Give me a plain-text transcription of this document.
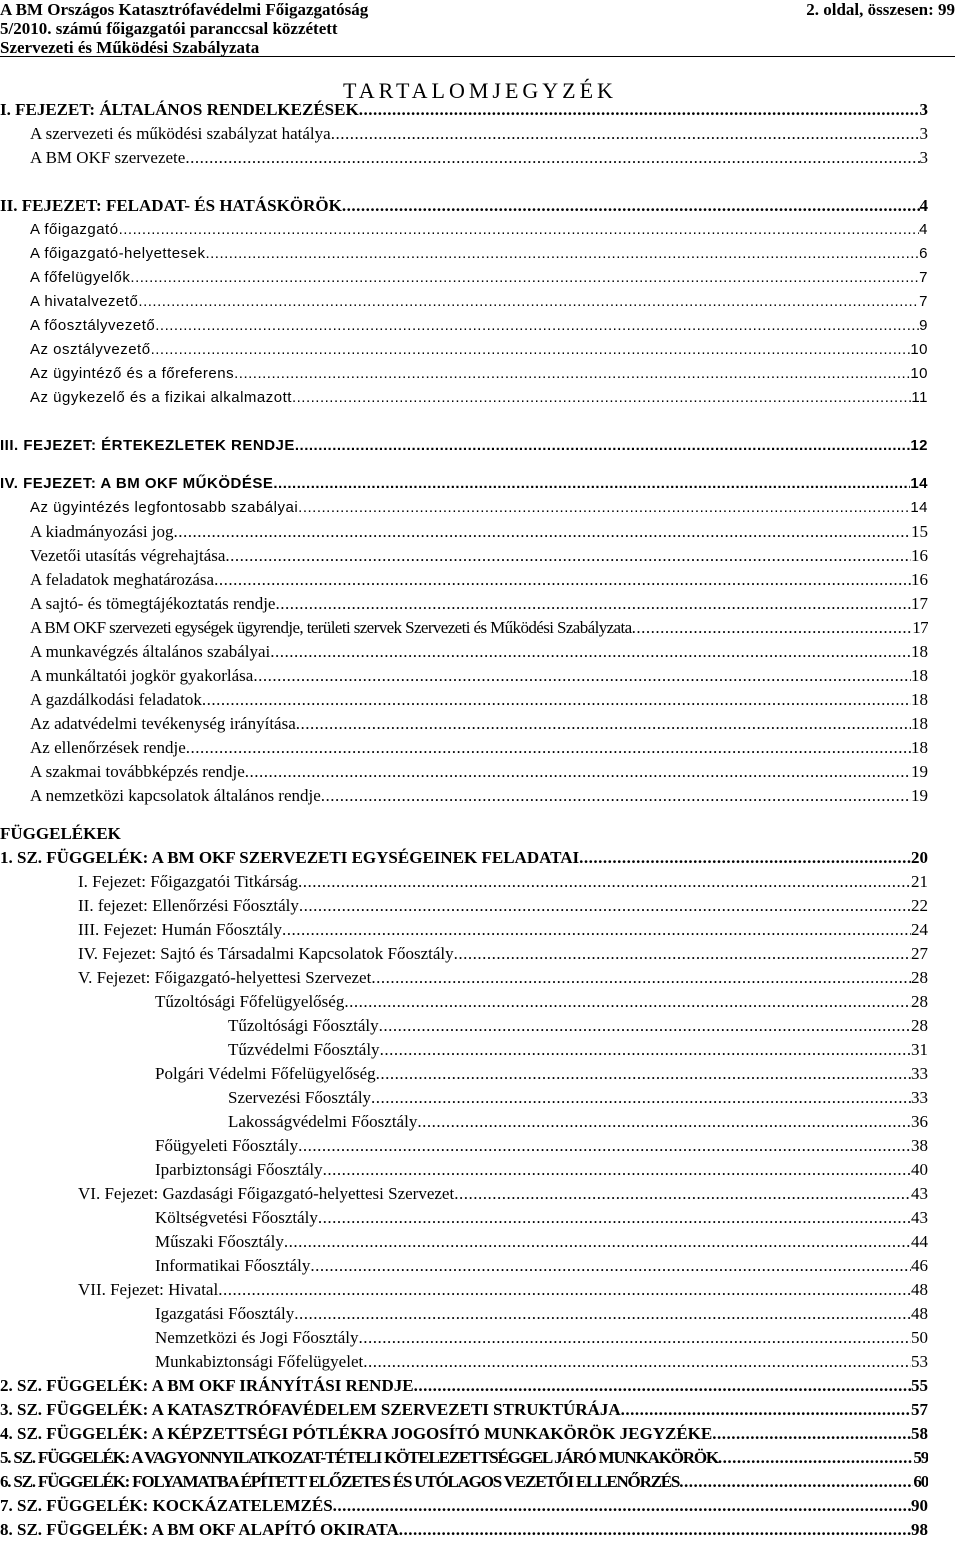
A BM Országos Katasztrófavédelmi Főigazgatóság
5/2010. számú főigazgatói paranccsal közzétett
Szervezeti és Működési Szabályzata
2. oldal, összesen: 99
TARTALOMJEGYZÉK
I. FEJEZET: ÁLTALÁNOS RENDELKEZÉSEK .....	3
A szervezeti és működési szabályzat hatálya .....	3
A BM OKF szervezete .....	3
II. FEJEZET: FELADAT- ÉS HATÁSKÖRÖK .....	4
A főigazgató .....	4
A főigazgató-helyettesek .....	6
A főfelügyelők .....	7
A hivatalvezető .....	7
A főosztályvezető .....	9
Az osztályvezető .....	10
Az ügyintéző és a főreferens .....	10
Az ügykezelő és a fizikai alkalmazott .....	11
III. FEJEZET: ÉRTEKEZLETEK RENDJE .....	12
IV. FEJEZET: A BM OKF MŰKÖDÉSE .....	14
Az ügyintézés legfontosabb szabályai .....	14
A kiadmányozási jog .....	15
Vezetői utasítás végrehajtása .....	16
A feladatok meghatározása .....	16
A sajtó- és tömegtájékoztatás rendje .....	17
A BM OKF szervezeti egységek ügyrendje, területi szervek Szervezeti és Működési Szabályzata .....	17
A munkavégzés általános szabályai .....	18
A munkáltatói jogkör gyakorlása .....	18
A gazdálkodási feladatok .....	18
Az adatvédelmi tevékenység irányítása .....	18
Az ellenőrzések rendje .....	18
A szakmai továbbképzés rendje .....	19
A nemzetközi kapcsolatok általános rendje .....	19
FÜGGELÉKEK
1. SZ. FÜGGELÉK: A BM OKF SZERVEZETI EGYSÉGEINEK FELADATAI .....	20
I. Fejezet: Főigazgatói Titkárság .....	21
II. fejezet: Ellenőrzési Főosztály .....	22
III. Fejezet: Humán Főosztály .....	24
IV. Fejezet: Sajtó és Társadalmi Kapcsolatok Főosztály .....	27
V. Fejezet: Főigazgató-helyettesi Szervezet .....	28
Tűzoltósági Főfelügyelőség .....	28
Tűzoltósági Főosztály .....	28
Tűzvédelmi Főosztály .....	31
Polgári Védelmi Főfelügyelőség .....	33
Szervezési Főosztály .....	33
Lakosságvédelmi Főosztály .....	36
Főügyeleti Főosztály .....	38
Iparbiztonsági Főosztály .....	40
VI. Fejezet: Gazdasági Főigazgató-helyettesi Szervezet .....	43
Költségvetési Főosztály .....	43
Műszaki Főosztály .....	44
Informatikai Főosztály .....	46
VII. Fejezet: Hivatal .....	48
Igazgatási Főosztály .....	48
Nemzetközi és Jogi Főosztály .....	50
Munkabiztonsági Főfelügyelet .....	53
2. SZ. FÜGGELÉK: A BM OKF IRÁNYÍTÁSI RENDJE .....	55
3. SZ. FÜGGELÉK: A KATASZTRÓFAVÉDELEM SZERVEZETI STRUKTÚRÁJA .....	57
4. SZ. FÜGGELÉK: A KÉPZETTSÉGI PÓTLÉKRA JOGOSÍTÓ MUNKAKÖRÖK JEGYZÉKE .....	58
5. SZ. FÜGGELÉK: A VAGYONNYILATKOZAT-TÉTELI KÖTELEZETTSÉGGEL JÁRÓ MUNKAKÖRÖK .....	59
6. SZ. FÜGGELÉK: FOLYAMATBA ÉPÍTETT ELŐZETES ÉS UTÓLAGOS VEZETŐI ELLENŐRZÉS .....	60
7. SZ. FÜGGELÉK: KOCKÁZATELEMZÉS .....	90
8. SZ. FÜGGELÉK: A BM OKF ALAPÍTÓ OKIRATA .....	98
